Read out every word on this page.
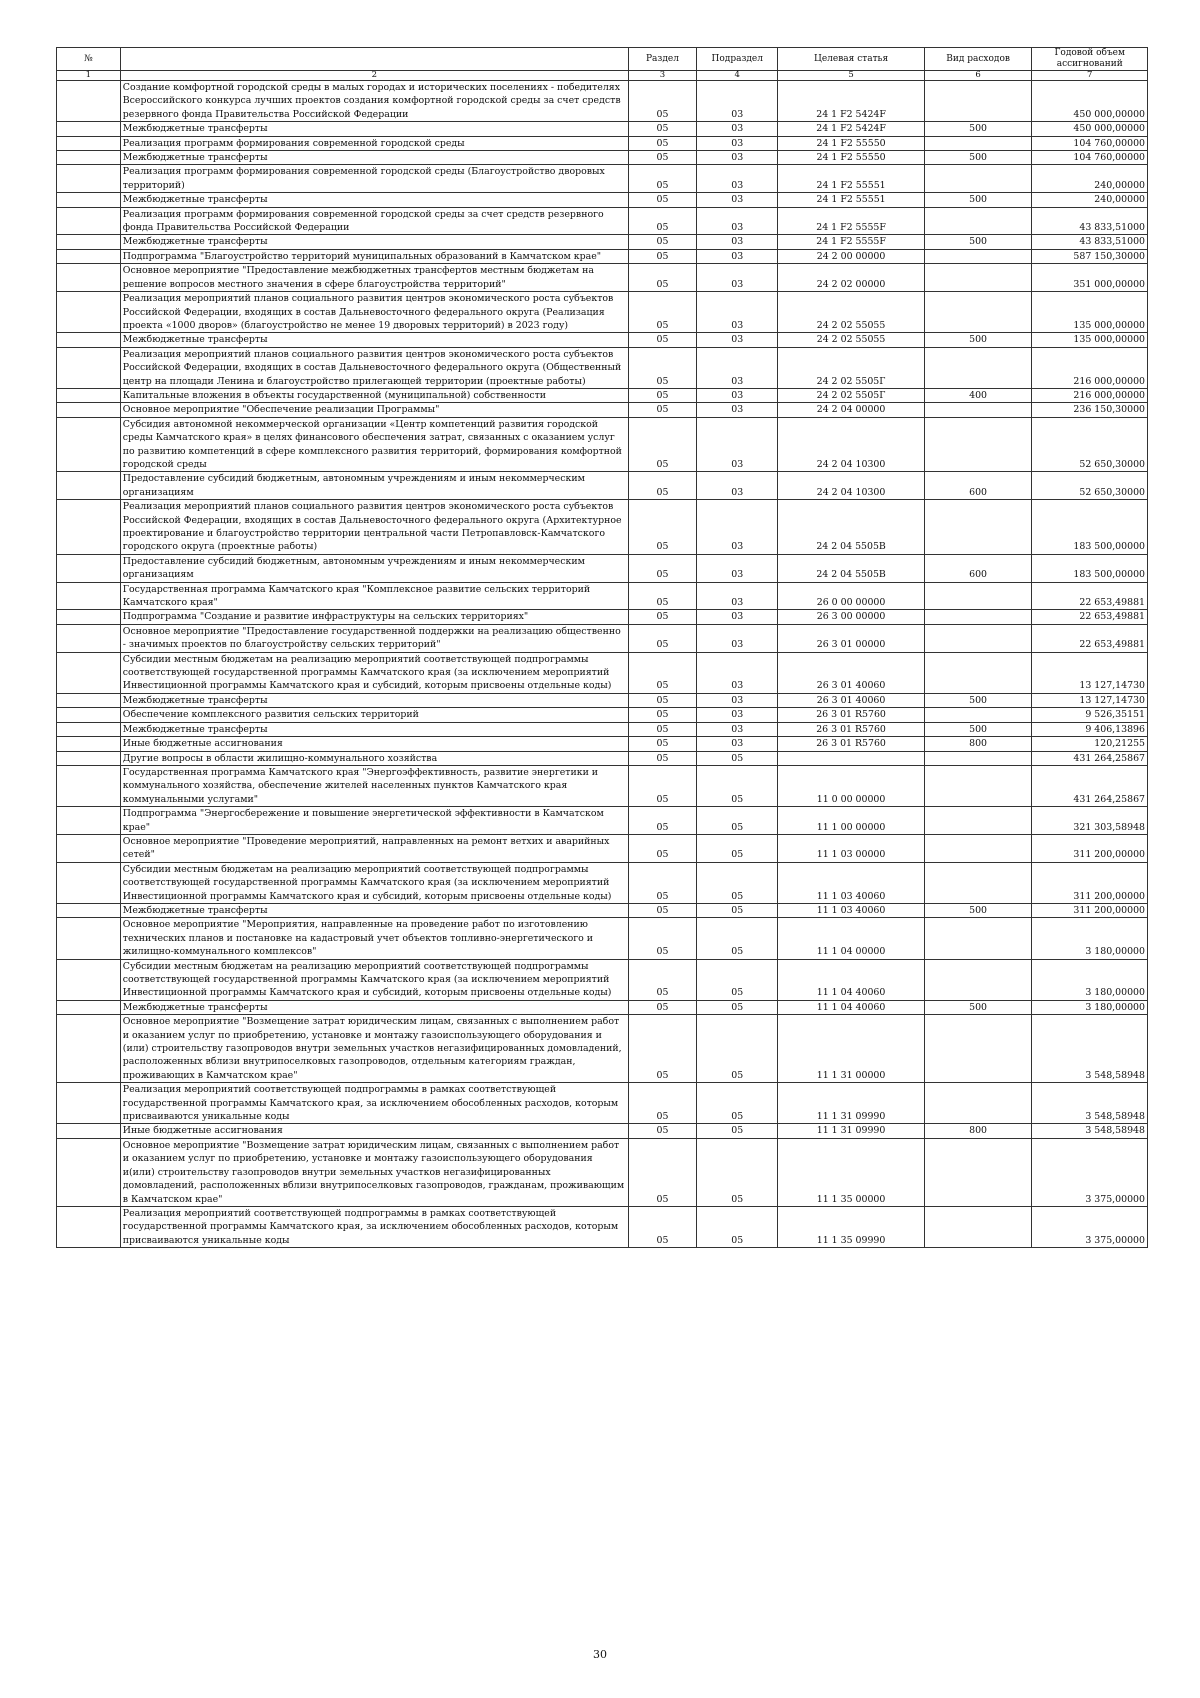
№		Раздел	Подраздел	Целевая статья	Вид расходов	Годовой объем ассигнований
1	2	3	4	5	6	7
	Создание комфортной городской среды в малых городах и исторических поселениях - победителях Всероссийского конкурса лучших проектов создания комфортной городской среды за счет средств резервного фонда Правительства Российской Федерации	05	03	24 1 F2 5424F		450 000,00000
	Межбюджетные трансферты	05	03	24 1 F2 5424F	500	450 000,00000
	Реализация программ формирования современной городской среды	05	03	24 1 F2 55550		104 760,00000
	Межбюджетные трансферты	05	03	24 1 F2 55550	500	104 760,00000
	Реализация программ формирования современной городской среды (Благоустройство дворовых территорий)	05	03	24 1 F2 55551		240,00000
	Межбюджетные трансферты	05	03	24 1 F2 55551	500	240,00000
	Реализация программ формирования современной городской среды за счет средств резервного фонда Правительства Российской Федерации	05	03	24 1 F2 5555F		43 833,51000
	Межбюджетные трансферты	05	03	24 1 F2 5555F	500	43 833,51000
	Подпрограмма "Благоустройство территорий муниципальных образований в Камчатском крае"	05	03	24 2 00 00000		587 150,30000
	Основное мероприятие "Предоставление межбюджетных трансфертов местным бюджетам на решение вопросов местного значения в сфере благоустройства территорий"	05	03	24 2 02 00000		351 000,00000
	Реализация мероприятий планов социального развития центров экономического роста субъектов Российской Федерации, входящих в состав Дальневосточного федерального округа (Реализация проекта «1000 дворов» (благоустройство не менее 19 дворовых территорий) в 2023 году)	05	03	24 2 02 55055		135 000,00000
	Межбюджетные трансферты	05	03	24 2 02 55055	500	135 000,00000
	Реализация мероприятий планов социального развития центров экономического роста субъектов Российской Федерации, входящих в состав Дальневосточного федерального округа (Общественный центр на площади Ленина и благоустройство прилегающей территории (проектные работы)	05	03	24 2 02 5505Г		216 000,00000
	Капитальные вложения в объекты государственной (муниципальной) собственности	05	03	24 2 02 5505Г	400	216 000,00000
	Основное мероприятие "Обеспечение реализации Программы"	05	03	24 2 04 00000		236 150,30000
	Субсидия автономной некоммерческой организации «Центр компетенций развития городской среды Камчатского края» в целях финансового обеспечения затрат, связанных с оказанием услуг по развитию компетенций в сфере комплексного развития территорий, формирования комфортной городской среды	05	03	24 2 04 10300		52 650,30000
	Предоставление субсидий бюджетным, автономным учреждениям и иным некоммерческим организациям	05	03	24 2 04 10300	600	52 650,30000
	Реализация мероприятий планов социального развития центров экономического роста субъектов Российской Федерации, входящих в состав Дальневосточного федерального округа (Архитектурное проектирование и благоустройство территории центральной части Петропавловск-Камчатского городского округа (проектные работы)	05	03	24 2 04 5505В		183 500,00000
	Предоставление субсидий бюджетным, автономным учреждениям и иным некоммерческим организациям	05	03	24 2 04 5505В	600	183 500,00000
	Государственная программа Камчатского края "Комплексное развитие сельских территорий Камчатского края"	05	03	26 0 00 00000		22 653,49881
	Подпрограмма "Создание и развитие инфраструктуры на сельских территориях"	05	03	26 3 00 00000		22 653,49881
	Основное мероприятие "Предоставление государственной поддержки на реализацию общественно - значимых проектов по благоустройству сельских территорий"	05	03	26 3 01 00000		22 653,49881
	Субсидии местным бюджетам на реализацию мероприятий соответствующей подпрограммы соответствующей государственной программы Камчатского края (за исключением мероприятий Инвестиционной программы Камчатского края и субсидий, которым присвоены отдельные коды)	05	03	26 3 01 40060		13 127,14730
	Межбюджетные трансферты	05	03	26 3 01 40060	500	13 127,14730
	Обеспечение комплексного развития сельских территорий	05	03	26 3 01 R5760		9 526,35151
	Межбюджетные трансферты	05	03	26 3 01 R5760	500	9 406,13896
	Иные бюджетные ассигнования	05	03	26 3 01 R5760	800	120,21255
	Другие вопросы в области жилищно-коммунального хозяйства	05	05			431 264,25867
	Государственная программа Камчатского края "Энергоэффективность, развитие энергетики и коммунального хозяйства, обеспечение жителей населенных пунктов Камчатского края коммунальными услугами"	05	05	11 0 00 00000		431 264,25867
	Подпрограмма "Энергосбережение и повышение энергетической эффективности в Камчатском крае"	05	05	11 1 00 00000		321 303,58948
	Основное мероприятие "Проведение мероприятий, направленных на ремонт ветхих и аварийных сетей"	05	05	11 1 03 00000		311 200,00000
	Субсидии местным бюджетам на реализацию мероприятий соответствующей подпрограммы соответствующей государственной программы Камчатского края (за исключением мероприятий Инвестиционной программы Камчатского края и субсидий, которым присвоены отдельные коды)	05	05	11 1 03 40060		311 200,00000
	Межбюджетные трансферты	05	05	11 1 03 40060	500	311 200,00000
	Основное мероприятие "Мероприятия, направленные на проведение работ по изготовлению технических планов и постановке на кадастровый учет объектов топливно-энергетического и жилищно-коммунального комплексов"	05	05	11 1 04 00000		3 180,00000
	Субсидии местным бюджетам на реализацию мероприятий соответствующей подпрограммы соответствующей государственной программы Камчатского края (за исключением мероприятий Инвестиционной программы Камчатского края и субсидий, которым присвоены отдельные коды)	05	05	11 1 04 40060		3 180,00000
	Межбюджетные трансферты	05	05	11 1 04 40060	500	3 180,00000
	Основное мероприятие "Возмещение затрат юридическим лицам, связанных с выполнением работ и оказанием услуг по приобретению, установке и монтажу газоиспользующего оборудования и (или) строительству газопроводов внутри земельных участков негазифицированных домовладений, расположенных вблизи внутрипоселковых газопроводов, отдельным категориям граждан, проживающих в Камчатском крае"	05	05	11 1 31 00000		3 548,58948
	Реализация мероприятий соответствующей подпрограммы в рамках соответствующей государственной программы Камчатского края, за исключением обособленных расходов, которым присваиваются уникальные коды	05	05	11 1 31 09990		3 548,58948
	Иные бюджетные ассигнования	05	05	11 1 31 09990	800	3 548,58948
	Основное мероприятие "Возмещение затрат юридическим лицам, связанных с выполнением работ и оказанием услуг по приобретению, установке и монтажу газоиспользующего оборудования и(или) строительству газопроводов внутри земельных участков негазифицированных домовладений, расположенных вблизи внутрипоселковых газопроводов, гражданам, проживающим в Камчатском крае"	05	05	11 1 35 00000		3 375,00000
	Реализация мероприятий соответствующей подпрограммы в рамках соответствующей государственной программы Камчатского края, за исключением обособленных расходов, которым присваиваются уникальные коды	05	05	11 1 35 09990		3 375,00000
30
